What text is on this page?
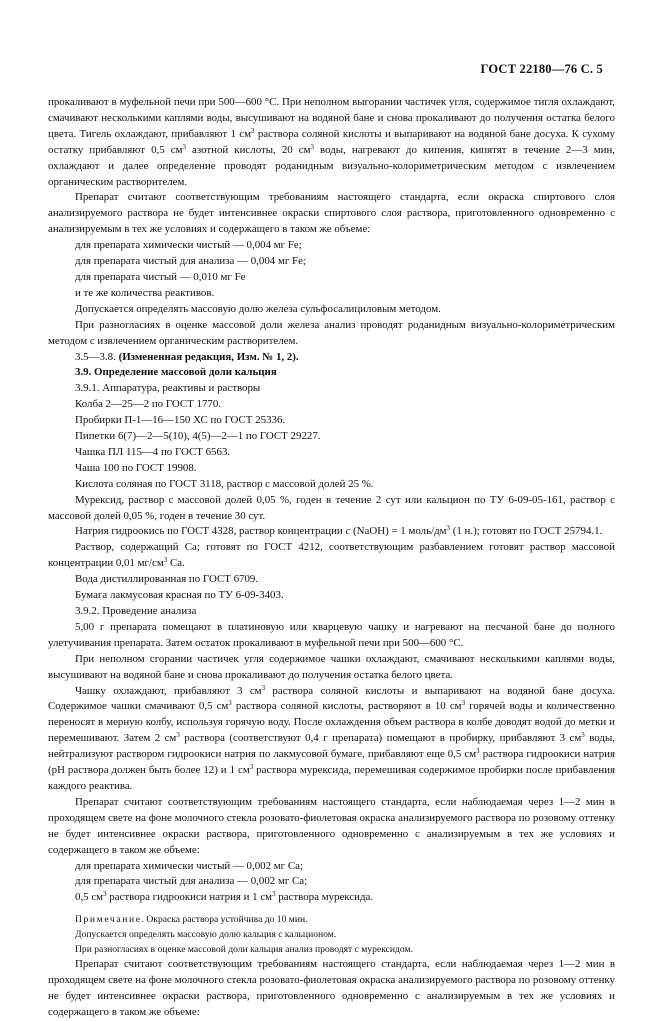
ГОСТ 22180—76 С. 5

прокаливают в муфельной печи при 500—600 °С. При неполном выгорании частичек угля, содержимое тигля охлаждают, смачивают несколькими каплями воды, высушивают на водяной бане и снова прокаливают до получения остатка белого цвета. Тигель охлаждают, прибавляют 1 $см^3$ раствора соляной кислоты и выпаривают на водяной бане досуха. К сухому остатку прибавляют 0,5 $см^3$ азотной кислоты, 20 $см^3$ воды, нагревают до кипения, кипятят в течение 2—3 мин, охлаждают и далее определение проводят роданидным визуально-колориметрическим методом с извлечением органическим растворителем.

Препарат считают соответствующим требованиям настоящего стандарта, если окраска спиртового слоя анализируемого раствора не будет интенсивнее окраски спиртового слоя раствора, приготовленного одновременно с анализируемым в тех же условиях и содержащего в таком же объеме:

для препарата химически чистый — 0,004 мг Fe;

для препарата чистый для анализа — 0,004 мг Fe;

для препарата чистый — 0,010 мг Fe

и те же количества реактивов.

Допускается определять массовую долю железа сульфосалициловым методом.

При разногласиях в оценке массовой доли железа анализ проводят роданидным визуально-колориметрическим методом с извлечением органическим растворителем.

3.5—3.8. (Измененная редакция, Изм. № 1, 2).

3.9. Определение массовой доли кальция

3.9.1. Аппаратура, реактивы и растворы

Колба 2—25—2 по ГОСТ 1770.

Пробирки П-1—16—150 ХС по ГОСТ 25336.

Пипетки 6(7)—2—5(10), 4(5)—2—1 по ГОСТ 29227.

Чашка ПЛ 115—4 по ГОСТ 6563.

Чаша 100 по ГОСТ 19908.

Кислота соляная по ГОСТ 3118, раствор с массовой долей 25 %.

Мурексид, раствор с массовой долей 0,05 %, годен в течение 2 сут или кальцион по ТУ 6-09-05-161, раствор с массовой долей 0,05 %, годен в течение 30 сут.

Натрия гидроокись по ГОСТ 4328, раствор концентрации c (NaOH) = 1 моль/$дм^3$ (1 н.); готовят по ГОСТ 25794.1.

Раствор, содержащий Са; готовят по ГОСТ 4212, соответствующим разбавлением готовят раствор массовой концентрации 0,01 $мг/см^3$ Са.

Вода дистиллированная по ГОСТ 6709.

Бумага лакмусовая красная по ТУ 6-09-3403.

3.9.2. Проведение анализа

5,00 г препарата помещают в платиновую или кварцевую чашку и нагревают на песчаной бане до полного улетучивания препарата. Затем остаток прокаливают в муфельной печи при 500—600 °С.

При неполном сгорании частичек угля содержимое чашки охлаждают, смачивают несколькими каплями воды, высушивают на водяной бане и снова прокаливают до получения остатка белого цвета.

Чашку охлаждают, прибавляют 3 $см^3$ раствора соляной кислоты и выпаривают на водяной бане досуха. Содержимое чашки смачивают 0,5 $см^3$ раствора соляной кислоты, растворяют в 10 $см^3$ горячей воды и количественно переносят в мерную колбу, используя горячую воду. После охлаждения объем раствора в колбе доводят водой до метки и перемешивают. Затем 2 $см^3$ раствора (соответствуют 0,4 г препарата) помещают в пробирку, прибавляют 3 $см^3$ воды, нейтрализуют раствором гидроокиси натрия по лакмусовой бумаге, прибавляют еще 0,5 $см^3$ раствора гидроокиси натрия (рН раствора должен быть более 12) и 1 $см^3$ раствора мурексида, перемешивая содержимое пробирки после прибавления каждого реактива.

Препарат считают соответствующим требованиям настоящего стандарта, если наблюдаемая через 1—2 мин в проходящем свете на фоне молочного стекла розовато-фиолетовая окраска анализируемого раствора по розовому оттенку не будет интенсивнее окраски раствора, приготовленного одновременно с анализируемым в тех же условиях и содержащего в таком же объеме:

для препарата химически чистый — 0,002 мг Са;

для препарата чистый для анализа — 0,002 мг Са;

0,5 $см^3$ раствора гидроокиси натрия и 1 $см^3$ раствора мурексида.

Примечание. Окраска раствора устойчива до 10 мин.

Допускается определять массовую долю кальция с кальционом.

При разногласиях в оценке массовой доли кальция анализ проводят с мурексидом.

Препарат считают соответствующим требованиям настоящего стандарта, если наблюдаемая через 1—2 мин в проходящем свете на фоне молочного стекла розовато-фиолетовая окраска анализируемого раствора по розовому оттенку не будет интенсивнее окраски раствора, приготовленного одновременно с анализируемым в тех же условиях и содержащего в таком же объеме:
